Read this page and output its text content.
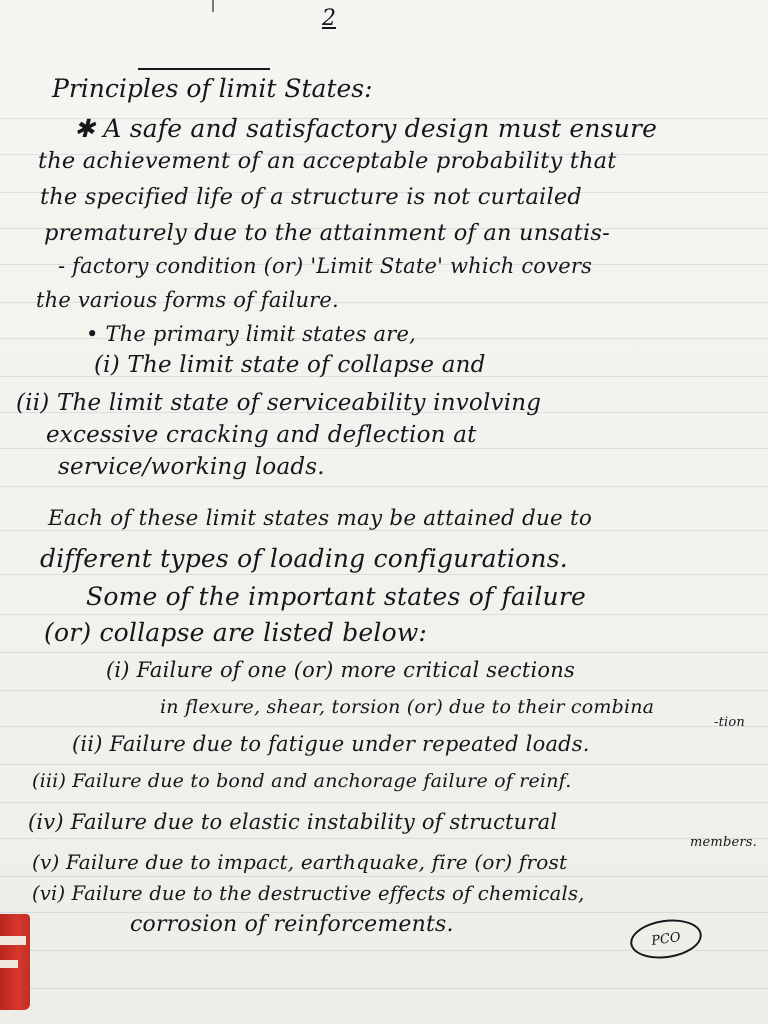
2
Principles of limit States:
✱ A safe and satisfactory design must ensure
the achievement of an acceptable probability that
the specified life of a structure is not curtailed
prematurely due to the attainment of an unsatis-
- factory condition (or) 'Limit State' which covers
the various forms of failure.
• The primary limit states are,
(i) The limit state of collapse and
(ii) The limit state of serviceability involving
excessive cracking and deflection at
service/working loads.
Each of these limit states may be attained due to
different types of loading configurations.
Some of the important states of failure
(or) collapse are listed below:
(i) Failure of one (or) more critical sections
in flexure, shear, torsion (or) due to their combina
-tion
(ii) Failure due to fatigue under repeated loads.
(iii) Failure due to bond and anchorage failure of reinf.
(iv) Failure due to elastic instability of structural
members.
(v) Failure due to impact, earthquake, fire (or) frost
(vi) Failure due to the destructive effects of chemicals,
corrosion of reinforcements.
PCO
